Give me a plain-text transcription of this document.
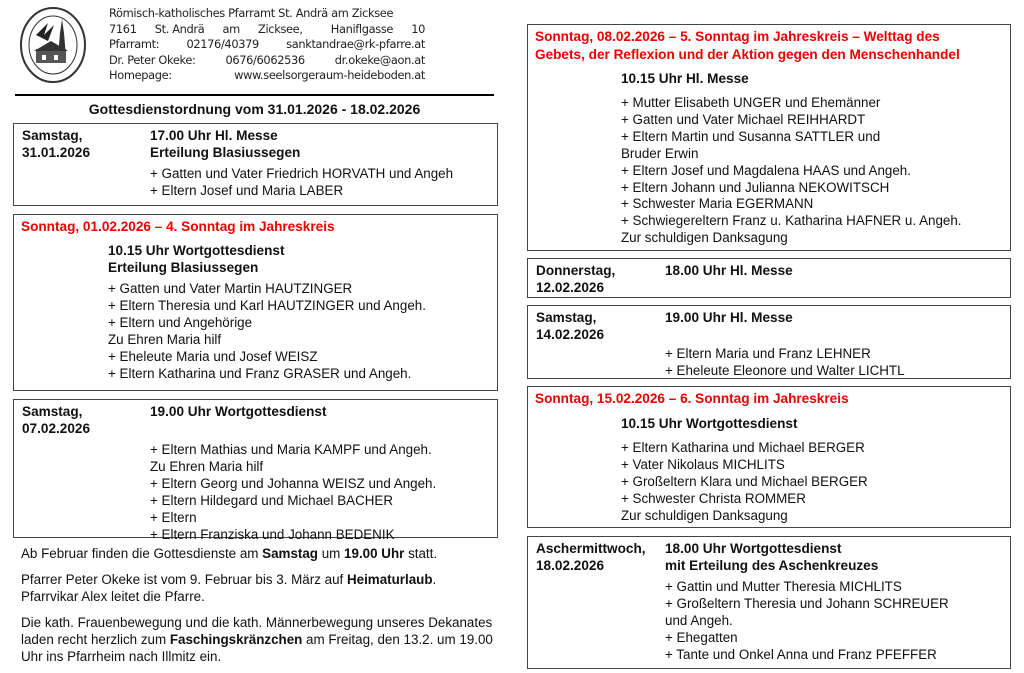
Römisch-katholisches Pfarramt St. Andrä am Zicksee
7161 St. Andrä am Zicksee, Haniflgasse 10
Pfarramt: 02176/40379 sanktandrae@rk-pfarre.at
Dr. Peter Okeke:	0676/6062536	dr.okeke@aon.at
Homepage:	www.seelsorgeraum-heideboden.at
Gottesdienstordnung vom 31.01.2026 - 18.02.2026
Samstag,
31.01.2026
17.00 Uhr Hl. Messe
Erteilung Blasiussegen
+ Gatten und Vater Friedrich HORVATH und Angeh
+ Eltern Josef und Maria LABER
Sonntag, 01.02.2026 – 4. Sonntag im Jahreskreis
10.15 Uhr Wortgottesdienst
Erteilung Blasiussegen
+ Gatten und Vater Martin HAUTZINGER
+ Eltern Theresia und Karl HAUTZINGER und Angeh.
+ Eltern und Angehörige
Zu Ehren Maria hilf
+ Eheleute Maria und Josef WEISZ
+ Eltern Katharina und Franz GRASER und Angeh.
Samstag,
07.02.2026
19.00 Uhr Wortgottesdienst
+ Eltern Mathias und Maria KAMPF und Angeh.
Zu Ehren Maria hilf
+ Eltern Georg und Johanna WEISZ und Angeh.
+ Eltern Hildegard und Michael BACHER
+ Eltern
+ Eltern Franziska und Johann BEDENIK
Ab Februar finden die Gottesdienste am Samstag um 19.00 Uhr statt.
Pfarrer Peter Okeke ist vom 9. Februar bis 3. März auf Heimaturlaub. Pfarrvikar Alex leitet die Pfarre.
Die kath. Frauenbewegung und die kath. Männerbewegung unseres Dekanates laden recht herzlich zum Faschingskränzchen am Freitag, den 13.2. um 19.00 Uhr ins Pfarrheim nach Illmitz ein.
Sonntag, 08.02.2026 – 5. Sonntag im Jahreskreis – Welttag des
Gebets, der Reflexion und der Aktion gegen den Menschenhandel
10.15 Uhr Hl. Messe
+ Mutter Elisabeth UNGER und Ehemänner
+ Gatten und Vater Michael REIHHARDT
+ Eltern Martin und Susanna SATTLER und
Bruder Erwin
+ Eltern Josef und Magdalena HAAS und Angeh.
+ Eltern Johann und Julianna NEKOWITSCH
+ Schwester Maria EGERMANN
+ Schwiegereltern Franz u. Katharina HAFNER u. Angeh.
Zur schuldigen Danksagung
Donnerstag,
12.02.2026
18.00 Uhr Hl. Messe
Samstag,
14.02.2026
19.00 Uhr Hl. Messe
+ Eltern Maria und Franz LEHNER
+ Eheleute Eleonore und Walter LICHTL
Sonntag, 15.02.2026 – 6. Sonntag im Jahreskreis
10.15 Uhr Wortgottesdienst
+ Eltern Katharina und Michael BERGER
+ Vater Nikolaus MICHLITS
+ Großeltern Klara und Michael BERGER
+ Schwester Christa ROMMER
Zur schuldigen Danksagung
Aschermittwoch,
18.02.2026
18.00 Uhr Wortgottesdienst
mit Erteilung des Aschenkreuzes
+ Gattin und Mutter Theresia MICHLITS
+ Großeltern Theresia und Johann SCHREUER
und Angeh.
+ Ehegatten
+ Tante und Onkel Anna und Franz PFEFFER
